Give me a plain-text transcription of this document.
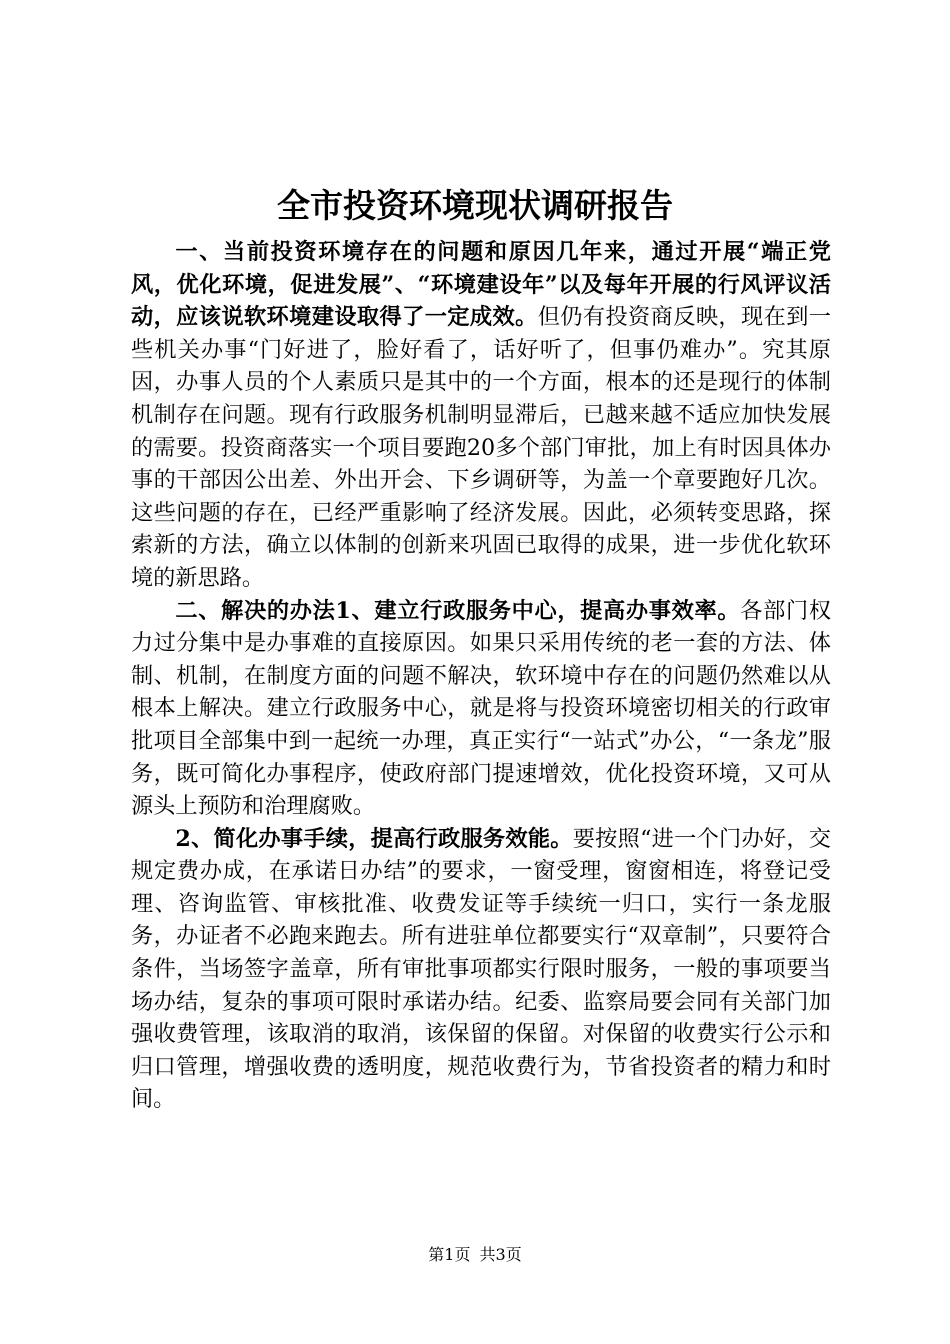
全市投资环境现状调研报告

一、当前投资环境存在的问题和原因几年来，通过开展“端正党风，优化环境，促进发展”、“环境建设年”以及每年开展的行风评议活动，应该说软环境建设取得了一定成效。但仍有投资商反映，现在到一些机关办事“门好进了，脸好看了，话好听了，但事仍难办”。究其原因，办事人员的个人素质只是其中的一个方面，根本的还是现行的体制机制存在问题。现有行政服务机制明显滞后，已越来越不适应加快发展的需要。投资商落实一个项目要跑20多个部门审批，加上有时因具体办事的干部因公出差、外出开会、下乡调研等，为盖一个章要跑好几次。这些问题的存在，已经严重影响了经济发展。因此，必须转变思路，探索新的方法，确立以体制的创新来巩固已取得的成果，进一步优化软环境的新思路。

二、解决的办法1、建立行政服务中心，提高办事效率。各部门权力过分集中是办事难的直接原因。如果只采用传统的老一套的方法、体制、机制，在制度方面的问题不解决，软环境中存在的问题仍然难以从根本上解决。建立行政服务中心，就是将与投资环境密切相关的行政审批项目全部集中到一起统一办理，真正实行“一站式”办公，“一条龙”服务，既可简化办事程序，使政府部门提速增效，优化投资环境，又可从源头上预防和治理腐败。

2、简化办事手续，提高行政服务效能。要按照“进一个门办好，交规定费办成，在承诺日办结”的要求，一窗受理，窗窗相连，将登记受理、咨询监管、审核批准、收费发证等手续统一归口，实行一条龙服务，办证者不必跑来跑去。所有进驻单位都要实行“双章制”，只要符合条件，当场签字盖章，所有审批事项都实行限时服务，一般的事项要当场办结，复杂的事项可限时承诺办结。纪委、监察局要会同有关部门加强收费管理，该取消的取消，该保留的保留。对保留的收费实行公示和归口管理，增强收费的透明度，规范收费行为，节省投资者的精力和时间。

第1页 共3页
